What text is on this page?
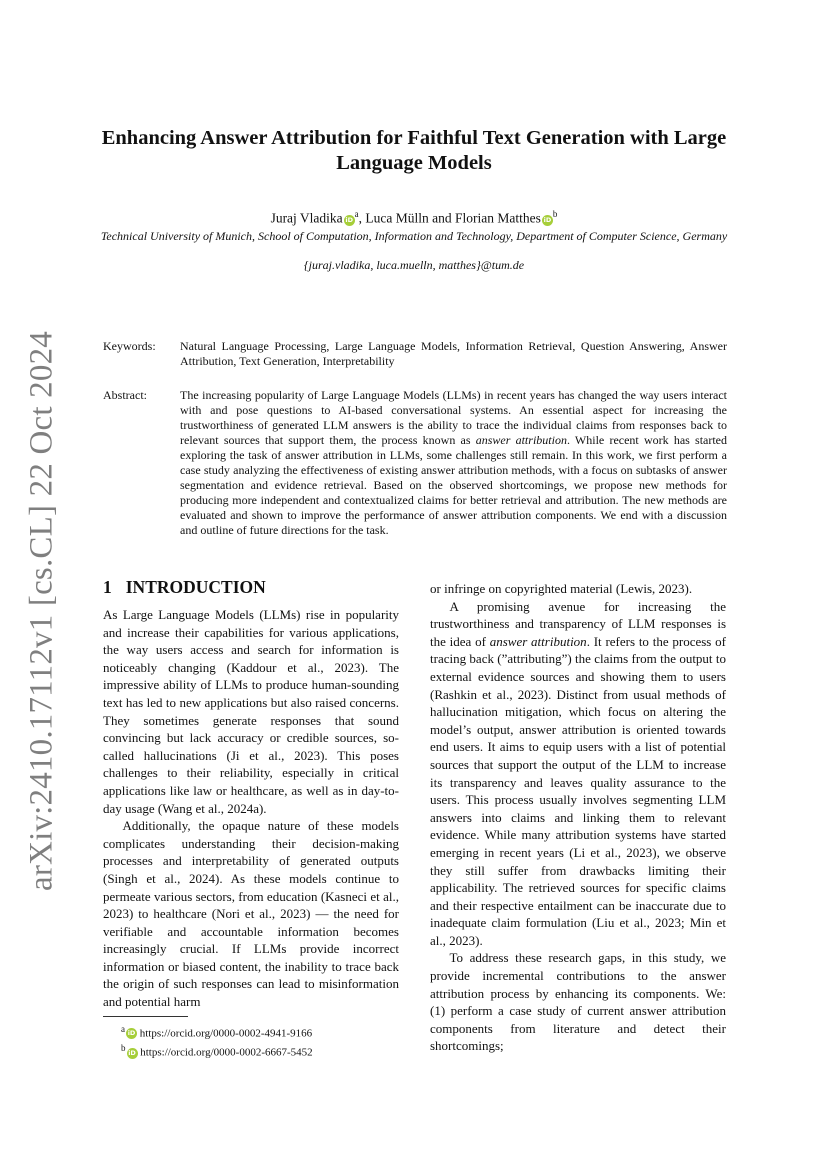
arXiv:2410.17112v1 [cs.CL] 22 Oct 2024
Enhancing Answer Attribution for Faithful Text Generation with Large Language Models
Juraj Vladika $iD^a$, Luca Mülln and Florian Matthes $iD^b$
Technical University of Munich, School of Computation, Information and Technology, Department of Computer Science, Germany
{juraj.vladika, luca.muelln, matthes}@tum.de
Keywords: Natural Language Processing, Large Language Models, Information Retrieval, Question Answering, Answer Attribution, Text Generation, Interpretability

Abstract:	The increasing popularity of Large Language Models (LLMs) in recent years has changed the way users interact with and pose questions to AI-based conversational systems. An essential aspect for increasing the trustworthiness of generated LLM answers is the ability to trace the individual claims from responses back to relevant sources that support them, the process known as answer attribution. While recent work has started exploring the task of answer attribution in LLMs, some challenges still remain. In this work, we first perform a case study analyzing the effectiveness of existing answer attribution methods, with a focus on subtasks of answer segmentation and evidence retrieval. Based on the observed shortcomings, we propose new methods for producing more independent and contextualized claims for better retrieval and attribution. The new methods are evaluated and shown to improve the performance of answer attribution components. We end with a discussion and outline of future directions for the task.

1 INTRODUCTION

As Large Language Models (LLMs) rise in popularity and increase their capabilities for various applications, the way users access and search for information is noticeably changing (Kaddour et al., 2023). The impressive ability of LLMs to produce human-sounding text has led to new applications but also raised concerns. They sometimes generate responses that sound convincing but lack accuracy or credible sources, so-called hallucinations (Ji et al., 2023). This poses challenges to their reliability, especially in critical applications like law or healthcare, as well as in day-to-day usage (Wang et al., 2024a).

Additionally, the opaque nature of these models complicates understanding their decision-making processes and interpretability of generated outputs (Singh et al., 2024). As these models continue to permeate various sectors, from education (Kasneci et al., 2023) to healthcare (Nori et al., 2023) — the need for verifiable and accountable information becomes increasingly crucial. If LLMs provide incorrect information or biased content, the inability to trace back the origin of such responses can lead to misinformation and potential harm

$^a$ iD https://orcid.org/0000-0002-4941-9166
$^b$ iD https://orcid.org/0000-0002-6667-5452

or infringe on copyrighted material (Lewis, 2023).

A promising avenue for increasing the trustworthiness and transparency of LLM responses is the idea of answer attribution. It refers to the process of tracing back (”attributing”) the claims from the output to external evidence sources and showing them to users (Rashkin et al., 2023). Distinct from usual methods of hallucination mitigation, which focus on altering the model’s output, answer attribution is oriented towards end users. It aims to equip users with a list of potential sources that support the output of the LLM to increase its transparency and leaves quality assurance to the users. This process usually involves segmenting LLM answers into claims and linking them to relevant evidence. While many attribution systems have started emerging in recent years (Li et al., 2023), we observe they still suffer from drawbacks limiting their applicability. The retrieved sources for specific claims and their respective entailment can be inaccurate due to inadequate claim formulation (Liu et al., 2023; Min et al., 2023).

To address these research gaps, in this study, we provide incremental contributions to the answer attribution process by enhancing its components. We: (1) perform a case study of current answer attribution components from literature and detect their shortcomings;
